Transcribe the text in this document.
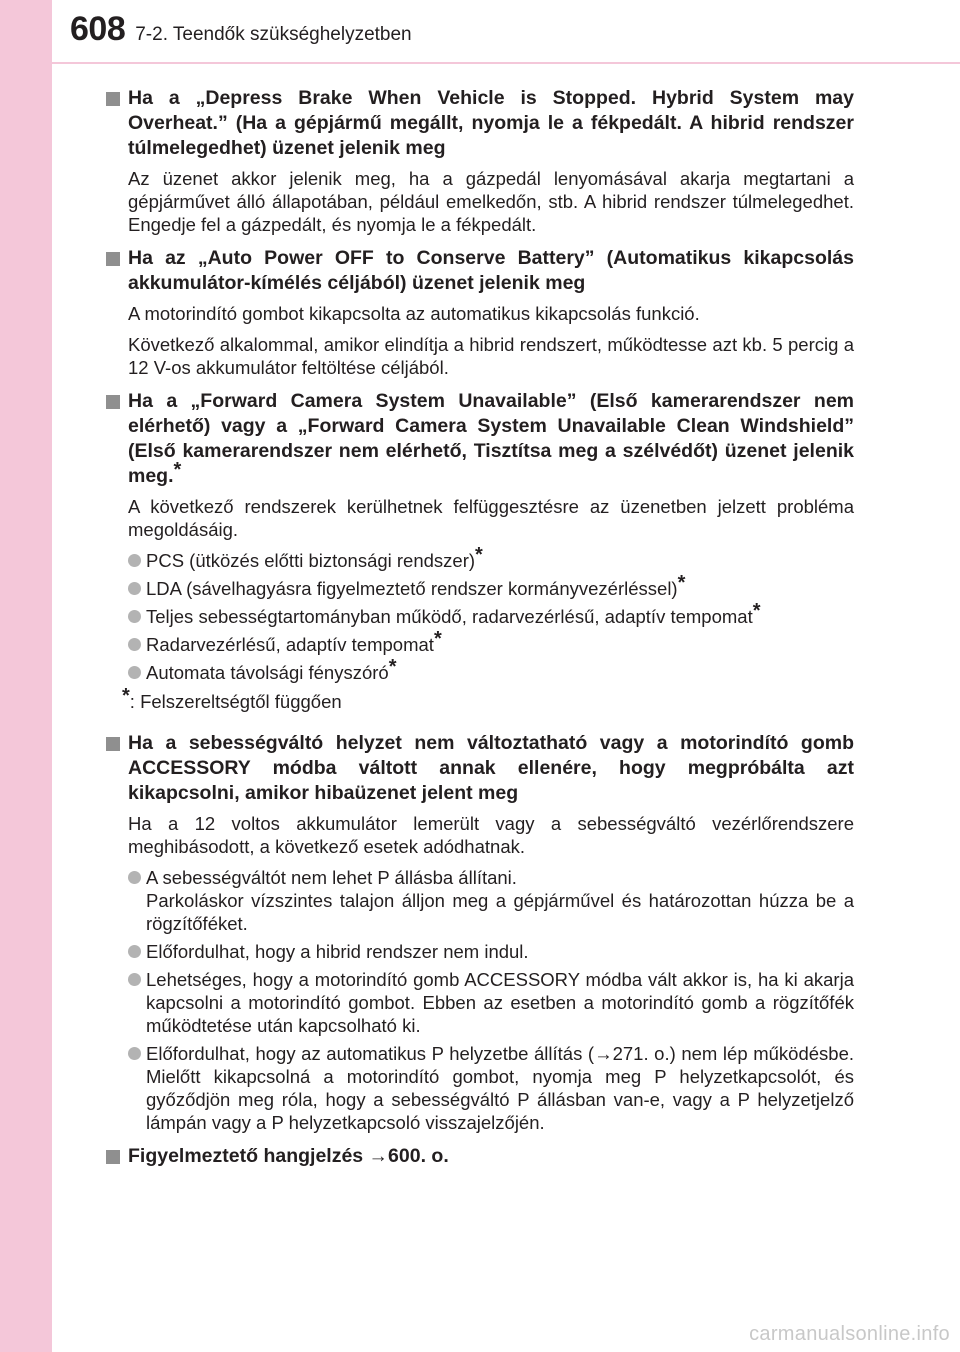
608 7-2. Teendők szükséghelyzetben
Ha a „Depress Brake When Vehicle is Stopped. Hybrid System may Overheat.” (Ha a gépjármű megállt, nyomja le a fékpedált. A hibrid rendszer túlmelegedhet) üzenet jelenik meg
Az üzenet akkor jelenik meg, ha a gázpedál lenyomásával akarja megtartani a gépjárművet álló állapotában, például emelkedőn, stb. A hibrid rendszer túlmelegedhet. Engedje fel a gázpedált, és nyomja le a fékpedált.
Ha az „Auto Power OFF to Conserve Battery” (Automatikus kikapcsolás akkumulátor-kímélés céljából) üzenet jelenik meg
A motorindító gombot kikapcsolta az automatikus kikapcsolás funkció.
Következő alkalommal, amikor elindítja a hibrid rendszert, működtesse azt kb. 5 percig a 12 V-os akkumulátor feltöltése céljából.
Ha a „Forward Camera System Unavailable” (Első kamerarendszer nem elérhető) vagy a „Forward Camera System Unavailable Clean Windshield” (Első kamerarendszer nem elérhető, Tisztítsa meg a szélvédőt) üzenet jelenik meg.*
A következő rendszerek kerülhetnek felfüggesztésre az üzenetben jelzett probléma megoldásáig.
PCS (ütközés előtti biztonsági rendszer)*
LDA (sávelhagyásra figyelmeztető rendszer kormányvezérléssel)*
Teljes sebességtartományban működő, radarvezérlésű, adaptív tempomat*
Radarvezérlésű, adaptív tempomat*
Automata távolsági fényszóró*
*: Felszereltségtől függően
Ha a sebességváltó helyzet nem változtatható vagy a motorindító gomb ACCESSORY módba váltott annak ellenére, hogy megpróbálta azt kikapcsolni, amikor hibaüzenet jelent meg
Ha a 12 voltos akkumulátor lemerült vagy a sebességváltó vezérlőrendszere meghibásodott, a következő esetek adódhatnak.
A sebességváltót nem lehet P állásba állítani.
Parkoláskor vízszintes talajon álljon meg a gépjárművel és határozottan húzza be a rögzítőféket.
Előfordulhat, hogy a hibrid rendszer nem indul.
Lehetséges, hogy a motorindító gomb ACCESSORY módba vált akkor is, ha ki akarja kapcsolni a motorindító gombot. Ebben az esetben a motorindító gomb a rögzítőfék működtetése után kapcsolható ki.
Előfordulhat, hogy az automatikus P helyzetbe állítás (→271. o.) nem lép működésbe. Mielőtt kikapcsolná a motorindító gombot, nyomja meg P helyzetkapcsolót, és győződjön meg róla, hogy a sebességváltó P állásban van-e, vagy a P helyzetjelző lámpán vagy a P helyzetkapcsoló visszajelzőjén.
Figyelmeztető hangjelzés →600. o.
carmanualsonline.info
